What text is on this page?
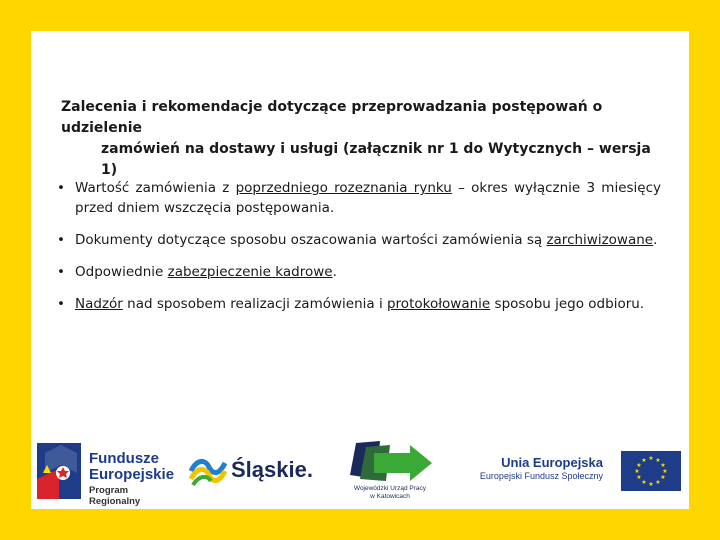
Zalecenia i rekomendacje dotyczące przeprowadzania postępowań o udzielenie
zamówień na dostawy i usługi (załącznik nr 1 do Wytycznych – wersja 1)
• Wartość zamówienia z poprzedniego rozeznania rynku – okres wyłącznie 3 miesięcy przed dniem wszczęcia postępowania.
• Dokumenty dotyczące sposobu oszacowania wartości zamówienia są zarchiwizowane.
• Odpowiednie zabezpieczenie kadrowe.
• Nadzór nad sposobem realizacji zamówienia i protokołowanie sposobu jego odbioru.
Fundusze
Europejskie
Program Regionalny
Śląskie.
Wojewódzki Urząd Pracy
w Katowicach
Unia Europejska
Europejski Fundusz Społeczny
★ ★
★
★
★
★
★
★
★
★
★
★
